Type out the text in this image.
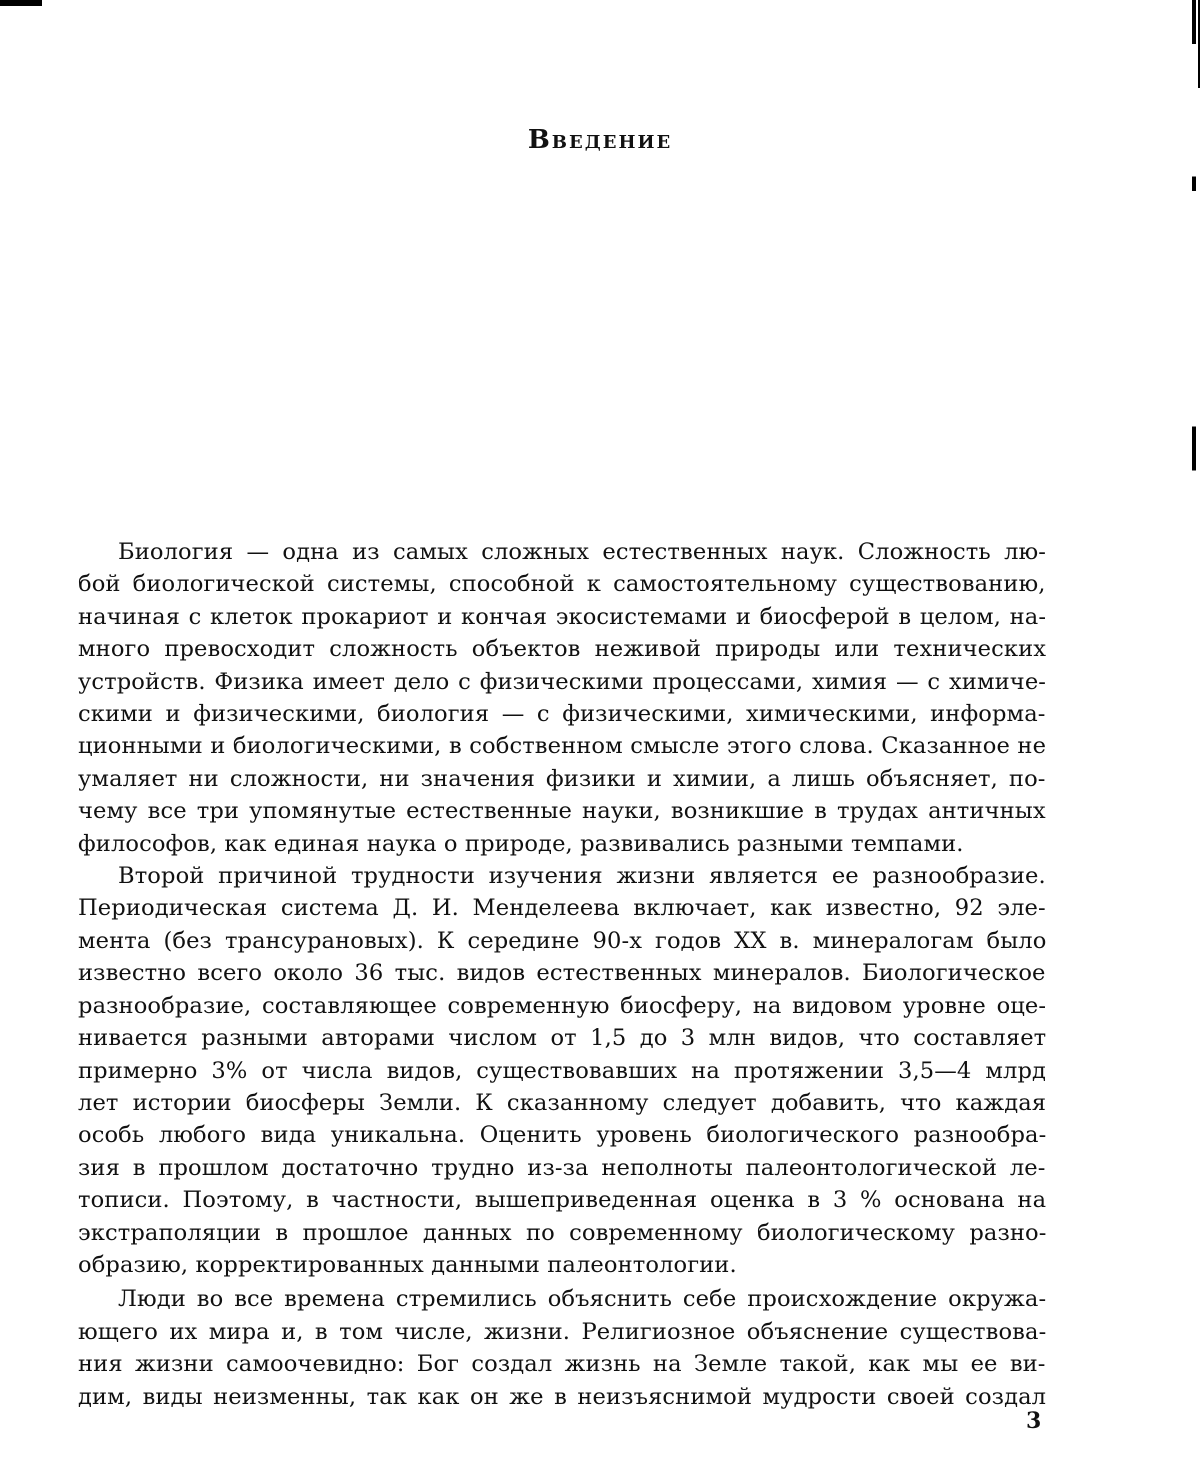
Введение
Биология — одна из самых сложных естественных наук. Сложность лю-
бой биологической системы, способной к самостоятельному существованию,
начиная с клеток прокариот и кончая экосистемами и биосферой в целом, на-
много превосходит сложность объектов неживой природы или технических
устройств. Физика имеет дело с физическими процессами, химия — с химиче-
скими и физическими, биология — с физическими, химическими, информа-
ционными и биологическими, в собственном смысле этого слова. Сказанное не
умаляет ни сложности, ни значения физики и химии, а лишь объясняет, по-
чему все три упомянутые естественные науки, возникшие в трудах античных
философов, как единая наука о природе, развивались разными темпами.
Второй причиной трудности изучения жизни является ее разнообразие.
Периодическая система Д. И. Менделеева включает, как известно, 92 эле-
мента (без трансурановых). К середине 90-х годов XX в. минералогам было
известно всего около 36 тыс. видов естественных минералов. Биологическое
разнообразие, составляющее современную биосферу, на видовом уровне оце-
нивается разными авторами числом от 1,5 до 3 млн видов, что составляет
примерно 3% от числа видов, существовавших на протяжении 3,5—4 млрд
лет истории биосферы Земли. К сказанному следует добавить, что каждая
особь любого вида уникальна. Оценить уровень биологического разнообра-
зия в прошлом достаточно трудно из-за неполноты палеонтологической ле-
тописи. Поэтому, в частности, вышеприведенная оценка в 3 % основана на
экстраполяции в прошлое данных по современному биологическому разно-
образию, корректированных данными палеонтологии.
Люди во все времена стремились объяснить себе происхождение окружа-
ющего их мира и, в том числе, жизни. Религиозное объяснение существова-
ния жизни самоочевидно: Бог создал жизнь на Земле такой, как мы ее ви-
дим, виды неизменны, так как он же в неизъяснимой мудрости своей создал
3
